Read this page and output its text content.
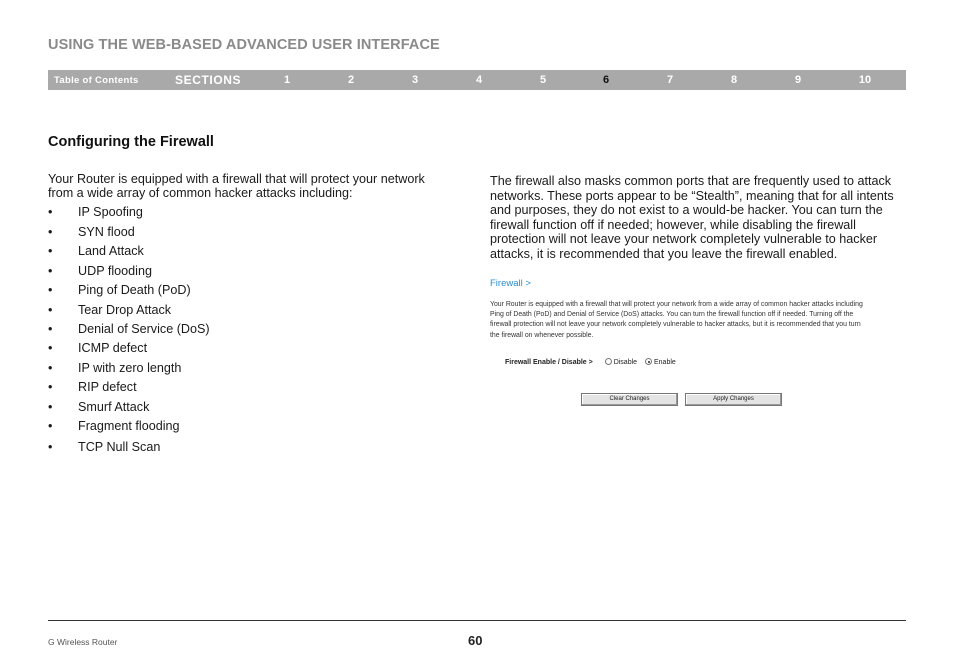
USING THE WEB-BASED ADVANCED USER INTERFACE
Table of Contents	SECTIONS	1	2	3	4	5	6	7	8	9	10
Configuring the Firewall

Your Router is equipped with a firewall that will protect your network from a wide array of common hacker attacks including:

•	IP Spoofing
•	SYN flood
•	Land Attack
•	UDP flooding
•	Ping of Death (PoD)
•	Tear Drop Attack
•	Denial of Service (DoS)
•	ICMP defect
•	IP with zero length
•	RIP defect
•	Smurf Attack
•	Fragment flooding
•	TCP Null Scan

The firewall also masks common ports that are frequently used to attack networks. These ports appear to be “Stealth”, meaning that for all intents and purposes, they do not exist to a would-be hacker. You can turn the firewall function off if needed; however, while disabling the firewall protection will not leave your network completely vulnerable to hacker attacks, it is recommended that you leave the firewall enabled.

Firewall >
Your Router is equipped with a firewall that will protect your network from a wide array of common hacker attacks including Ping of Death (PoD) and Denial of Service (DoS) attacks. You can turn the firewall function off if needed. Turning off the firewall protection will not leave your network completely vulnerable to hacker attacks, but it is recommended that you turn the firewall on whenever possible.
Firewall Enable / Disable >	Disable Enable
Clear Changes	Apply Changes
G Wireless Router	60
